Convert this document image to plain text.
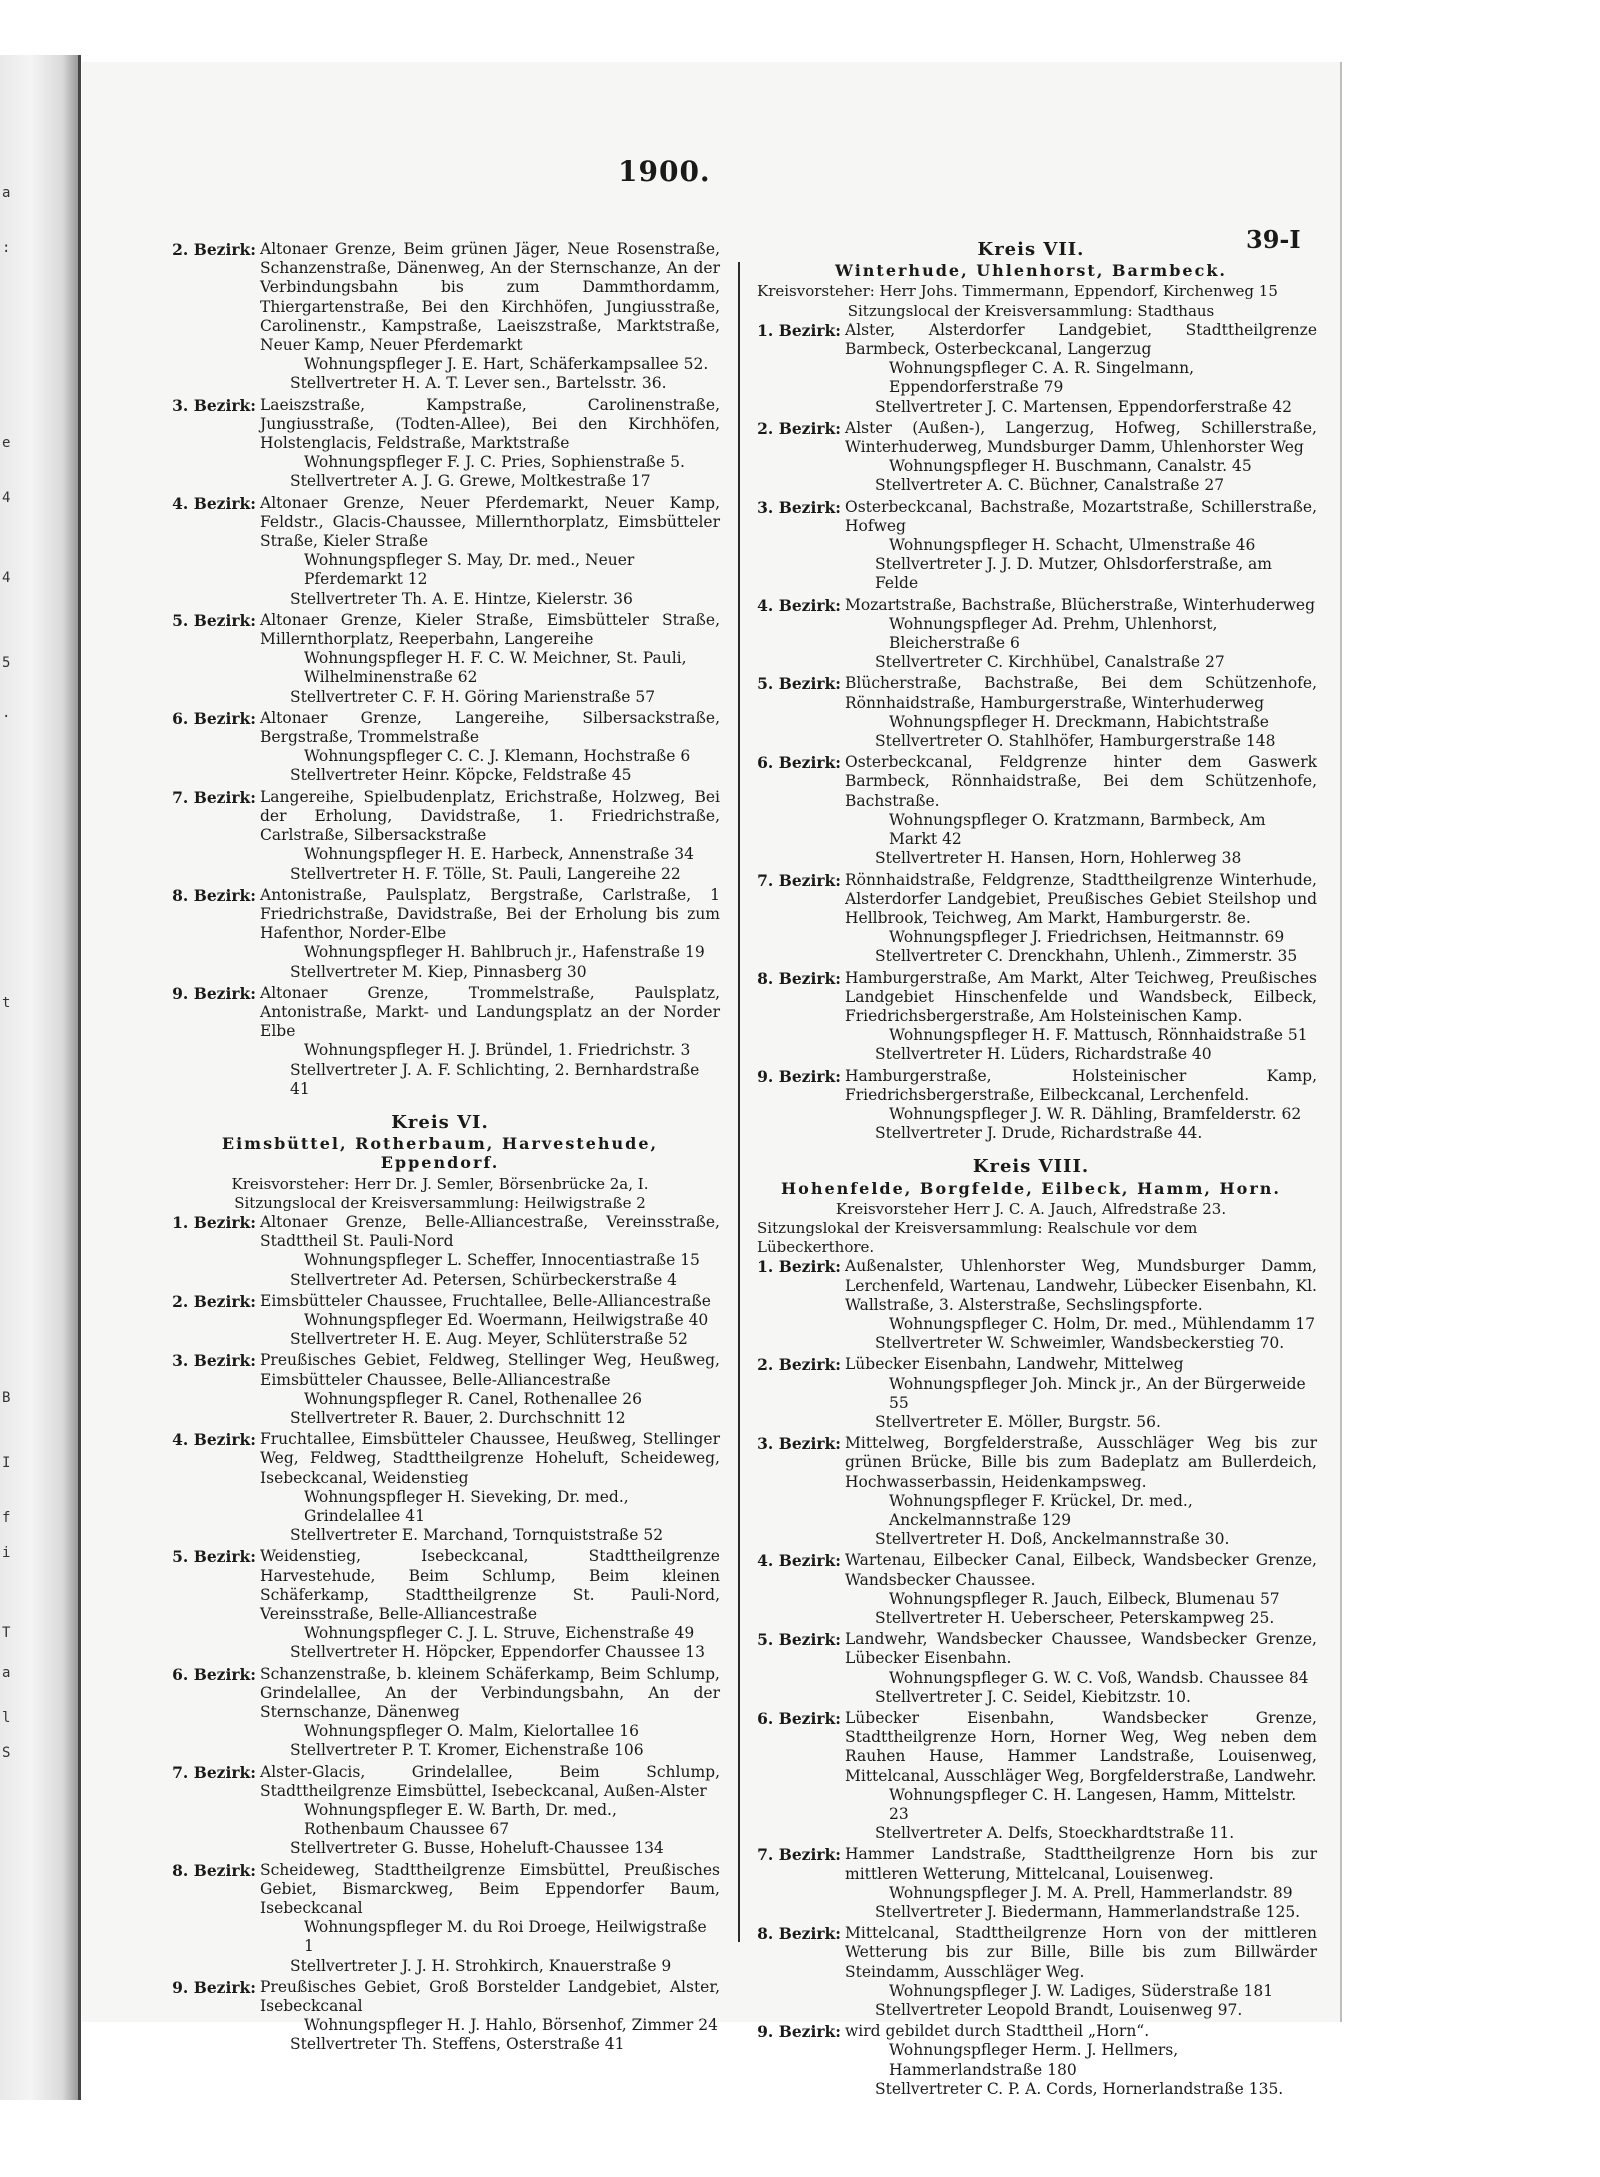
a
:
e
4
4
5
.
t
B
I
f
i
T
a
l
S
1900.
39-I
2. Bezirk: Altonaer Grenze, Beim grünen Jäger, Neue Rosenstraße, Schanzenstraße, Dänenweg, An der Sternschanze, An der Verbindungsbahn bis zum Dammthordamm, Thiergartenstraße, Bei den Kirchhöfen, Jungiusstraße, Carolinenstr., Kampstraße, Laeiszstraße, Marktstraße, Neuer Kamp, Neuer Pferdemarkt
Wohnungspfleger J. E. Hart, Schäferkampsallee 52.
Stellvertreter H. A. T. Lever sen., Bartelsstr. 36.
3. Bezirk: Laeiszstraße, Kampstraße, Carolinenstraße, Jungiusstraße, (Todten-Allee), Bei den Kirchhöfen, Holstenglacis, Feldstraße, Marktstraße
Wohnungspfleger F. J. C. Pries, Sophienstraße 5.
Stellvertreter A. J. G. Grewe, Moltkestraße 17
4. Bezirk: Altonaer Grenze, Neuer Pferdemarkt, Neuer Kamp, Feldstr., Glacis-Chaussee, Millernthorplatz, Eimsbütteler Straße, Kieler Straße
Wohnungspfleger S. May, Dr. med., Neuer Pferdemarkt 12
Stellvertreter Th. A. E. Hintze, Kielerstr. 36
5. Bezirk: Altonaer Grenze, Kieler Straße, Eimsbütteler Straße, Millernthorplatz, Reeperbahn, Langereihe
Wohnungspfleger H. F. C. W. Meichner, St. Pauli, Wilhelminenstraße 62
Stellvertreter C. F. H. Göring Marienstraße 57
6. Bezirk: Altonaer Grenze, Langereihe, Silbersackstraße, Bergstraße, Trommelstraße
Wohnungspfleger C. C. J. Klemann, Hochstraße 6
Stellvertreter Heinr. Köpcke, Feldstraße 45
7. Bezirk: Langereihe, Spielbudenplatz, Erichstraße, Holzweg, Bei der Erholung, Davidstraße, 1. Friedrichstraße, Carlstraße, Silbersackstraße
Wohnungspfleger H. E. Harbeck, Annenstraße 34
Stellvertreter H. F. Tölle, St. Pauli, Langereihe 22
8. Bezirk: Antonistraße, Paulsplatz, Bergstraße, Carlstraße, 1 Friedrichstraße, Davidstraße, Bei der Erholung bis zum Hafenthor, Norder-Elbe
Wohnungspfleger H. Bahlbruch jr., Hafenstraße 19
Stellvertreter M. Kiep, Pinnasberg 30
9. Bezirk: Altonaer Grenze, Trommelstraße, Paulsplatz, Antonistraße, Markt- und Landungsplatz an der Norder Elbe
Wohnungspfleger H. J. Bründel, 1. Friedrichstr. 3
Stellvertreter J. A. F. Schlichting, 2. Bernhardstraße 41
Kreis VI.
Eimsbüttel, Rotherbaum, Harvestehude, Eppendorf.
Kreisvorsteher: Herr Dr. J. Semler, Börsenbrücke 2a, I.
Sitzungslocal der Kreisversammlung: Heilwigstraße 2
1. Bezirk: Altonaer Grenze, Belle-Alliancestraße, Vereinsstraße, Stadttheil St. Pauli-Nord
Wohnungspfleger L. Scheffer, Innocentiastraße 15
Stellvertreter Ad. Petersen, Schürbeckerstraße 4
2. Bezirk: Eimsbütteler Chaussee, Fruchtallee, Belle-Alliancestraße
Wohnungspfleger Ed. Woermann, Heilwigstraße 40
Stellvertreter H. E. Aug. Meyer, Schlüterstraße 52
3. Bezirk: Preußisches Gebiet, Feldweg, Stellinger Weg, Heußweg, Eimsbütteler Chaussee, Belle-Alliancestraße
Wohnungspfleger R. Canel, Rothenallee 26
Stellvertreter R. Bauer, 2. Durchschnitt 12
4. Bezirk: Fruchtallee, Eimsbütteler Chaussee, Heußweg, Stellinger Weg, Feldweg, Stadttheilgrenze Hoheluft, Scheideweg, Isebeckcanal, Weidenstieg
Wohnungspfleger H. Sieveking, Dr. med., Grindelallee 41
Stellvertreter E. Marchand, Tornquiststraße 52
5. Bezirk: Weidenstieg, Isebeckcanal, Stadttheilgrenze Harvestehude, Beim Schlump, Beim kleinen Schäferkamp, Stadttheilgrenze St. Pauli-Nord, Vereinsstraße, Belle-Alliancestraße
Wohnungspfleger C. J. L. Struve, Eichenstraße 49
Stellvertreter H. Höpcker, Eppendorfer Chaussee 13
6. Bezirk: Schanzenstraße, b. kleinem Schäferkamp, Beim Schlump, Grindelallee, An der Verbindungsbahn, An der Sternschanze, Dänenweg
Wohnungspfleger O. Malm, Kielortallee 16
Stellvertreter P. T. Kromer, Eichenstraße 106
7. Bezirk: Alster-Glacis, Grindelallee, Beim Schlump, Stadttheilgrenze Eimsbüttel, Isebeckcanal, Außen-Alster
Wohnungspfleger E. W. Barth, Dr. med., Rothenbaum Chaussee 67
Stellvertreter G. Busse, Hoheluft-Chaussee 134
8. Bezirk: Scheideweg, Stadttheilgrenze Eimsbüttel, Preußisches Gebiet, Bismarckweg, Beim Eppendorfer Baum, Isebeckcanal
Wohnungspfleger M. du Roi Droege, Heilwigstraße 1
Stellvertreter J. J. H. Strohkirch, Knauerstraße 9
9. Bezirk: Preußisches Gebiet, Groß Borstelder Landgebiet, Alster, Isebeckcanal
Wohnungspfleger H. J. Hahlo, Börsenhof, Zimmer 24
Stellvertreter Th. Steffens, Osterstraße 41
Kreis VII.
Winterhude, Uhlenhorst, Barmbeck.
Kreisvorsteher: Herr Johs. Timmermann, Eppendorf, Kirchenweg 15
Sitzungslocal der Kreisversammlung: Stadthaus
1. Bezirk: Alster, Alsterdorfer Landgebiet, Stadttheilgrenze Barmbeck, Osterbeckcanal, Langerzug
Wohnungspfleger C. A. R. Singelmann, Eppendorferstraße 79
Stellvertreter J. C. Martensen, Eppendorferstraße 42
2. Bezirk: Alster (Außen-), Langerzug, Hofweg, Schillerstraße, Winterhuderweg, Mundsburger Damm, Uhlenhorster Weg
Wohnungspfleger H. Buschmann, Canalstr. 45
Stellvertreter A. C. Büchner, Canalstraße 27
3. Bezirk: Osterbeckcanal, Bachstraße, Mozartstraße, Schillerstraße, Hofweg
Wohnungspfleger H. Schacht, Ulmenstraße 46
Stellvertreter J. J. D. Mutzer, Ohlsdorferstraße, am Felde
4. Bezirk: Mozartstraße, Bachstraße, Blücherstraße, Winterhuderweg
Wohnungspfleger Ad. Prehm, Uhlenhorst, Bleicherstraße 6
Stellvertreter C. Kirchhübel, Canalstraße 27
5. Bezirk: Blücherstraße, Bachstraße, Bei dem Schützenhofe, Rönnhaidstraße, Hamburgerstraße, Winterhuderweg
Wohnungspfleger H. Dreckmann, Habichtstraße
Stellvertreter O. Stahlhöfer, Hamburgerstraße 148
6. Bezirk: Osterbeckcanal, Feldgrenze hinter dem Gaswerk Barmbeck, Rönnhaidstraße, Bei dem Schützenhofe, Bachstraße.
Wohnungspfleger O. Kratzmann, Barmbeck, Am Markt 42
Stellvertreter H. Hansen, Horn, Hohlerweg 38
7. Bezirk: Rönnhaidstraße, Feldgrenze, Stadttheilgrenze Winterhude, Alsterdorfer Landgebiet, Preußisches Gebiet Steilshop und Hellbrook, Teichweg, Am Markt, Hamburgerstr. 8e.
Wohnungspfleger J. Friedrichsen, Heitmannstr. 69
Stellvertreter C. Drenckhahn, Uhlenh., Zimmerstr. 35
8. Bezirk: Hamburgerstraße, Am Markt, Alter Teichweg, Preußisches Landgebiet Hinschenfelde und Wandsbeck, Eilbeck, Friedrichsbergerstraße, Am Holsteinischen Kamp.
Wohnungspfleger H. F. Mattusch, Rönnhaidstraße 51
Stellvertreter H. Lüders, Richardstraße 40
9. Bezirk: Hamburgerstraße, Holsteinischer Kamp, Friedrichsbergerstraße, Eilbeckcanal, Lerchenfeld.
Wohnungspfleger J. W. R. Dähling, Bramfelderstr. 62
Stellvertreter J. Drude, Richardstraße 44.
Kreis VIII.
Hohenfelde, Borgfelde, Eilbeck, Hamm, Horn.
Kreisvorsteher Herr J. C. A. Jauch, Alfredstraße 23.
Sitzungslokal der Kreisversammlung: Realschule vor dem Lübeckerthore.
1. Bezirk: Außenalster, Uhlenhorster Weg, Mundsburger Damm, Lerchenfeld, Wartenau, Landwehr, Lübecker Eisenbahn, Kl. Wallstraße, 3. Alsterstraße, Sechslingspforte.
Wohnungspfleger C. Holm, Dr. med., Mühlendamm 17
Stellvertreter W. Schweimler, Wandsbeckerstieg 70.
2. Bezirk: Lübecker Eisenbahn, Landwehr, Mittelweg
Wohnungspfleger Joh. Minck jr., An der Bürgerweide 55
Stellvertreter E. Möller, Burgstr. 56.
3. Bezirk: Mittelweg, Borgfelderstraße, Ausschläger Weg bis zur grünen Brücke, Bille bis zum Badeplatz am Bullerdeich, Hochwasserbassin, Heidenkampsweg.
Wohnungspfleger F. Krückel, Dr. med., Anckelmannstraße 129
Stellvertreter H. Doß, Anckelmannstraße 30.
4. Bezirk: Wartenau, Eilbecker Canal, Eilbeck, Wandsbecker Grenze, Wandsbecker Chaussee.
Wohnungspfleger R. Jauch, Eilbeck, Blumenau 57
Stellvertreter H. Ueberscheer, Peterskampweg 25.
5. Bezirk: Landwehr, Wandsbecker Chaussee, Wandsbecker Grenze, Lübecker Eisenbahn.
Wohnungspfleger G. W. C. Voß, Wandsb. Chaussee 84
Stellvertreter J. C. Seidel, Kiebitzstr. 10.
6. Bezirk: Lübecker Eisenbahn, Wandsbecker Grenze, Stadttheilgrenze Horn, Horner Weg, Weg neben dem Rauhen Hause, Hammer Landstraße, Louisenweg, Mittelcanal, Ausschläger Weg, Borgfelderstraße, Landwehr.
Wohnungspfleger C. H. Langesen, Hamm, Mittelstr. 23
Stellvertreter A. Delfs, Stoeckhardtstraße 11.
7. Bezirk: Hammer Landstraße, Stadttheilgrenze Horn bis zur mittleren Wetterung, Mittelcanal, Louisenweg.
Wohnungspfleger J. M. A. Prell, Hammerlandstr. 89
Stellvertreter J. Biedermann, Hammerlandstraße 125.
8. Bezirk: Mittelcanal, Stadttheilgrenze Horn von der mittleren Wetterung bis zur Bille, Bille bis zum Billwärder Steindamm, Ausschläger Weg.
Wohnungspfleger J. W. Ladiges, Süderstraße 181
Stellvertreter Leopold Brandt, Louisenweg 97.
9. Bezirk: wird gebildet durch Stadttheil „Horn“.
Wohnungspfleger Herm. J. Hellmers, Hammerlandstraße 180
Stellvertreter C. P. A. Cords, Hornerlandstraße 135.
